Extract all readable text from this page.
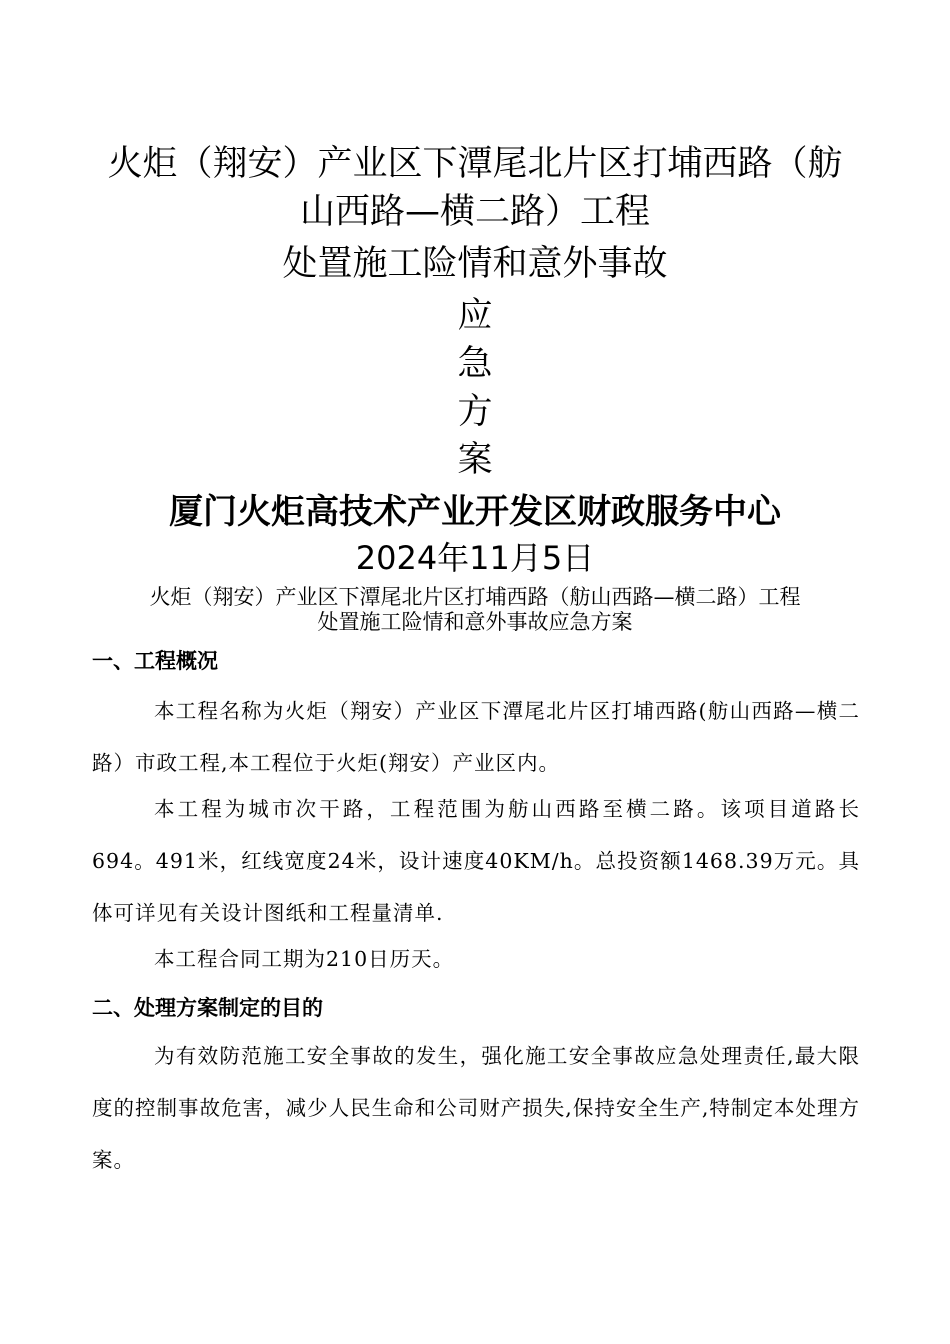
火炬（翔安）产业区下潭尾北片区打埔西路（舫
山西路—横二路）工程
处置施工险情和意外事故
应
急
方
案
厦门火炬高技术产业开发区财政服务中心
2024年11月5日
火炬（翔安）产业区下潭尾北片区打埔西路（舫山西路—横二路）工程
处置施工险情和意外事故应急方案
一、工程概况

本工程名称为火炬（翔安）产业区下潭尾北片区打埔西路(舫山西路—横二路）市政工程,本工程位于火炬(翔安）产业区内。

本工程为城市次干路，工程范围为舫山西路至横二路。该项目道路长694。491米，红线宽度24米，设计速度40KM/h。总投资额1468.39万元。具体可详见有关设计图纸和工程量清单.

本工程合同工期为210日历天。

二、处理方案制定的目的

为有效防范施工安全事故的发生，强化施工安全事故应急处理责任,最大限度的控制事故危害，减少人民生命和公司财产损失,保持安全生产,特制定本处理方案。
